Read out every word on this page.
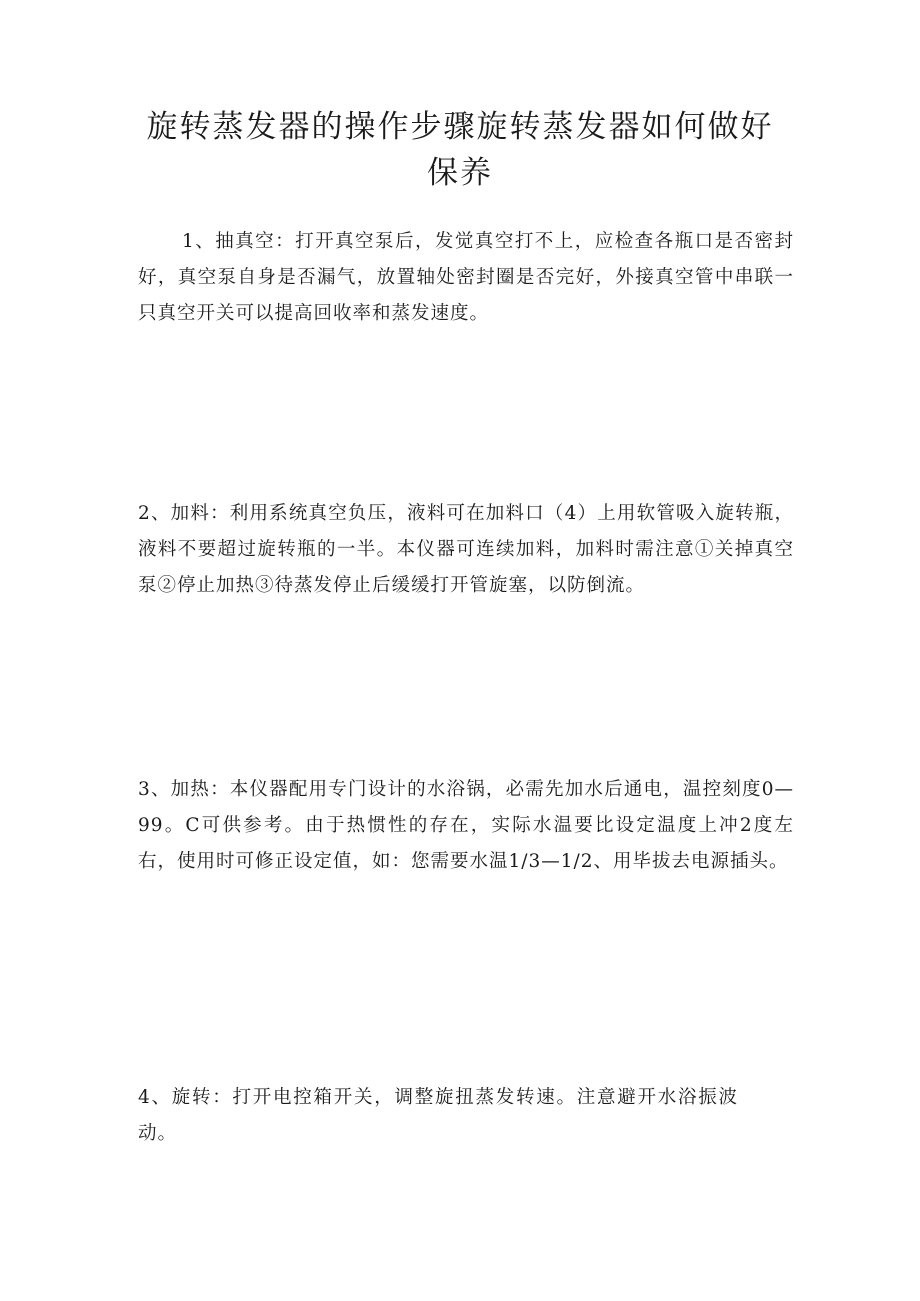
旋转蒸发器的操作步骤旋转蒸发器如何做好保养

1、抽真空：打开真空泵后，发觉真空打不上，应检查各瓶口是否密封好，真空泵自身是否漏气，放置轴处密封圈是否完好，外接真空管中串联一只真空开关可以提高回收率和蒸发速度。

2、加料：利用系统真空负压，液料可在加料口（4）上用软管吸入旋转瓶，液料不要超过旋转瓶的一半。本仪器可连续加料，加料时需注意①关掉真空泵②停止加热③待蒸发停止后缓缓打开管旋塞，以防倒流。

3、加热：本仪器配用专门设计的水浴锅，必需先加水后通电，温控刻度0—99。C可供参考。由于热惯性的存在，实际水温要比设定温度上冲2度左右，使用时可修正设定值，如：您需要水温1/3—1/2、用毕拔去电源插头。

4、旋转：打开电控箱开关，调整旋扭蒸发转速。注意避开水浴振波动。
